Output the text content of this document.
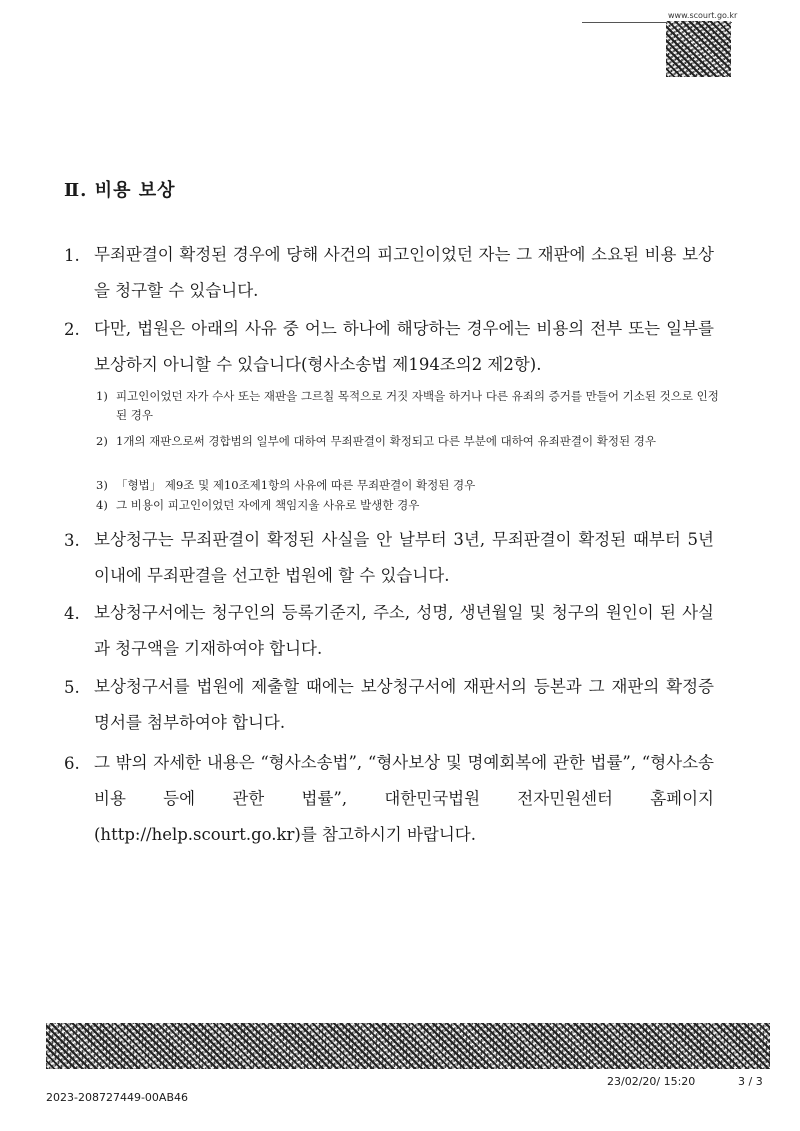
www.scourt.go.kr
Ⅱ. 비용 보상
1. 무죄판결이 확정된 경우에 당해 사건의 피고인이었던 자는 그 재판에 소요된 비용 보상을 청구할 수 있습니다.
2. 다만, 법원은 아래의 사유 중 어느 하나에 해당하는 경우에는 비용의 전부 또는 일부를 보상하지 아니할 수 있습니다(형사소송법 제194조의2 제2항).
3. 보상청구는 무죄판결이 확정된 사실을 안 날부터 3년, 무죄판결이 확정된 때부터 5년 이내에 무죄판결을 선고한 법원에 할 수 있습니다.
4. 보상청구서에는 청구인의 등록기준지, 주소, 성명, 생년월일 및 청구의 원인이 된 사실과 청구액을 기재하여야 합니다.
5. 보상청구서를 법원에 제출할 때에는 보상청구서에 재판서의 등본과 그 재판의 확정증명서를 첨부하여야 합니다.
6. 그 밖의 자세한 내용은 “형사소송법”, “형사보상 및 명예회복에 관한 법률”, “형사소송비용 등에 관한 법률”, 대한민국법원 전자민원센터 홈페이지(http://help.scourt.go.kr)를 참고하시기 바랍니다.
1) 피고인이었던 자가 수사 또는 재판을 그르칠 목적으로 거짓 자백을 하거나 다른 유죄의 증거를 만들어 기소된 것으로 인정된 경우
2) 1개의 재판으로써 경합범의 일부에 대하여 무죄판결이 확정되고 다른 부분에 대하여 유죄판결이 확정된 경우
3) 「형법」 제9조 및 제10조제1항의 사유에 따른 무죄판결이 확정된 경우
4) 그 비용이 피고인이었던 자에게 책임지울 사유로 발생한 경우
23/02/20/ 15:20	3 / 3
2023-208727449-00AB46
